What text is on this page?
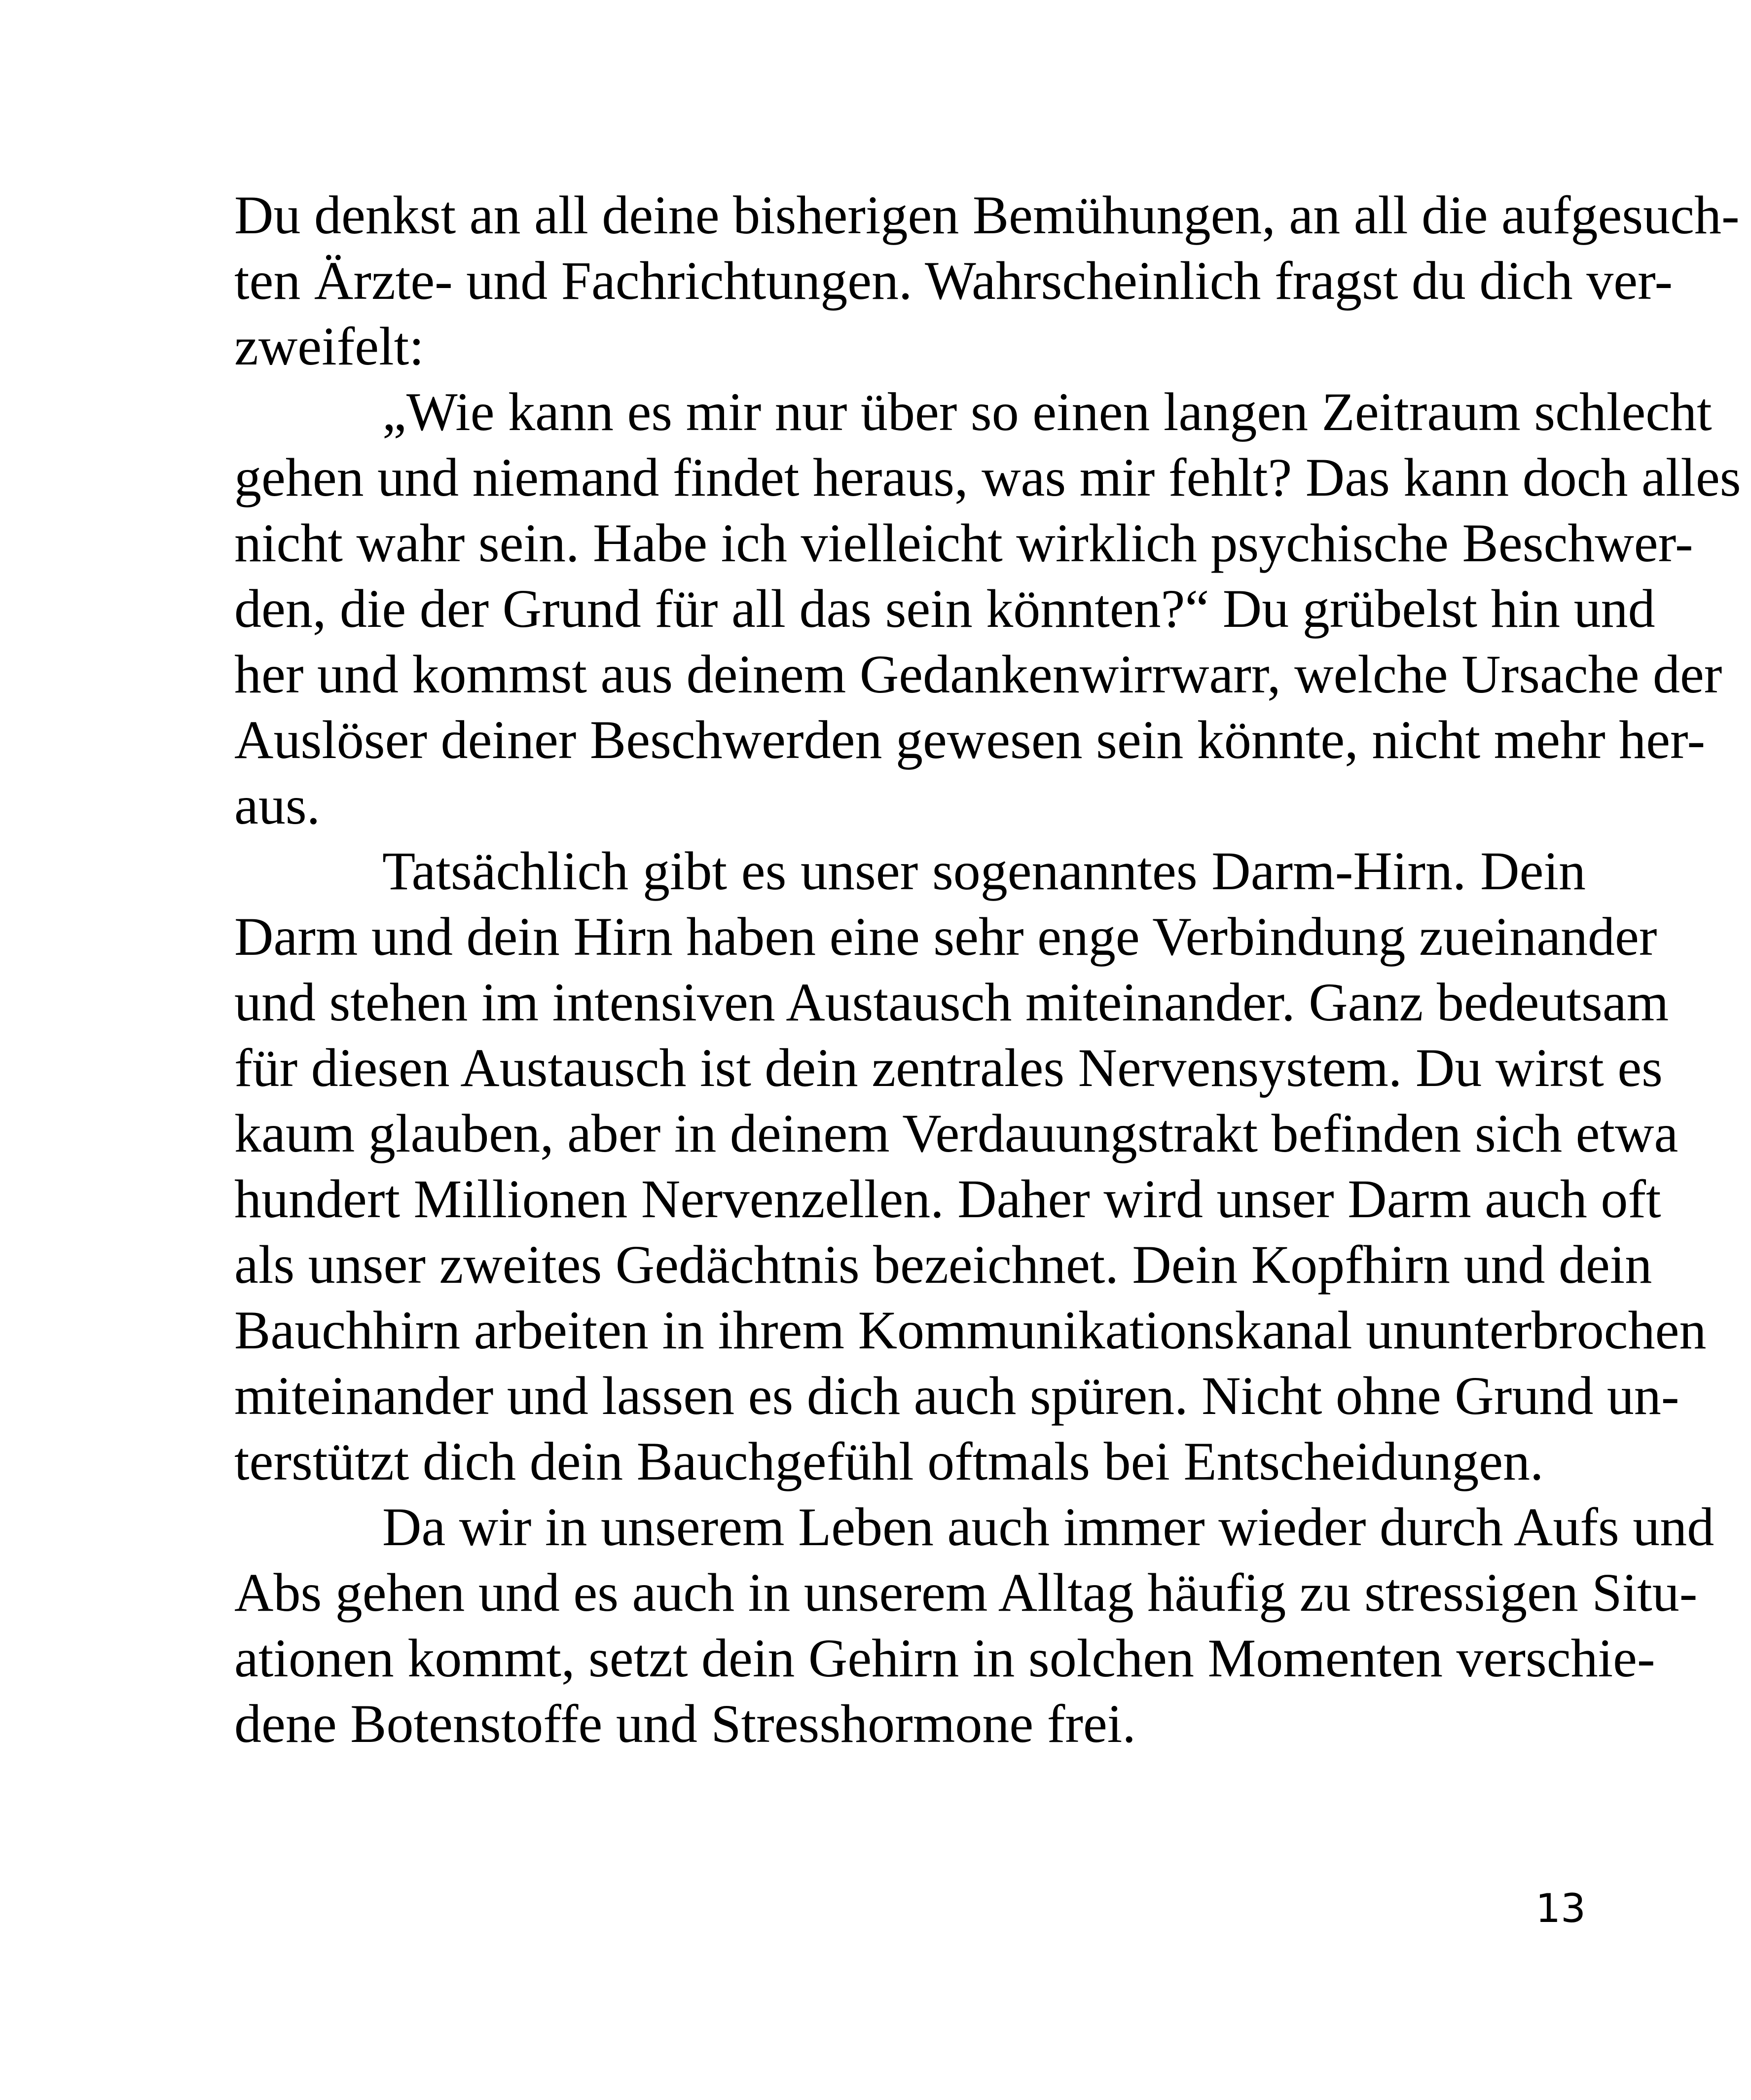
Du denkst an all deine bisherigen Bemühungen, an all die aufgesuch-
ten Ärzte- und Fachrichtungen. Wahrscheinlich fragst du dich ver-
zweifelt:
„Wie kann es mir nur über so einen langen Zeitraum schlecht
gehen und niemand findet heraus, was mir fehlt? Das kann doch alles
nicht wahr sein. Habe ich vielleicht wirklich psychische Beschwer-
den, die der Grund für all das sein könnten?“ Du grübelst hin und
her und kommst aus deinem Gedankenwirrwarr, welche Ursache der
Auslöser deiner Beschwerden gewesen sein könnte, nicht mehr her-
aus.
Tatsächlich gibt es unser sogenanntes Darm-Hirn. Dein
Darm und dein Hirn haben eine sehr enge Verbindung zueinander
und stehen im intensiven Austausch miteinander. Ganz bedeutsam
für diesen Austausch ist dein zentrales Nervensystem. Du wirst es
kaum glauben, aber in deinem Verdauungstrakt befinden sich etwa
hundert Millionen Nervenzellen. Daher wird unser Darm auch oft
als unser zweites Gedächtnis bezeichnet. Dein Kopfhirn und dein
Bauchhirn arbeiten in ihrem Kommunikationskanal ununterbrochen
miteinander und lassen es dich auch spüren. Nicht ohne Grund un-
terstützt dich dein Bauchgefühl oftmals bei Entscheidungen.
Da wir in unserem Leben auch immer wieder durch Aufs und
Abs gehen und es auch in unserem Alltag häufig zu stressigen Situ-
ationen kommt, setzt dein Gehirn in solchen Momenten verschie-
dene Botenstoffe und Stresshormone frei.
13
